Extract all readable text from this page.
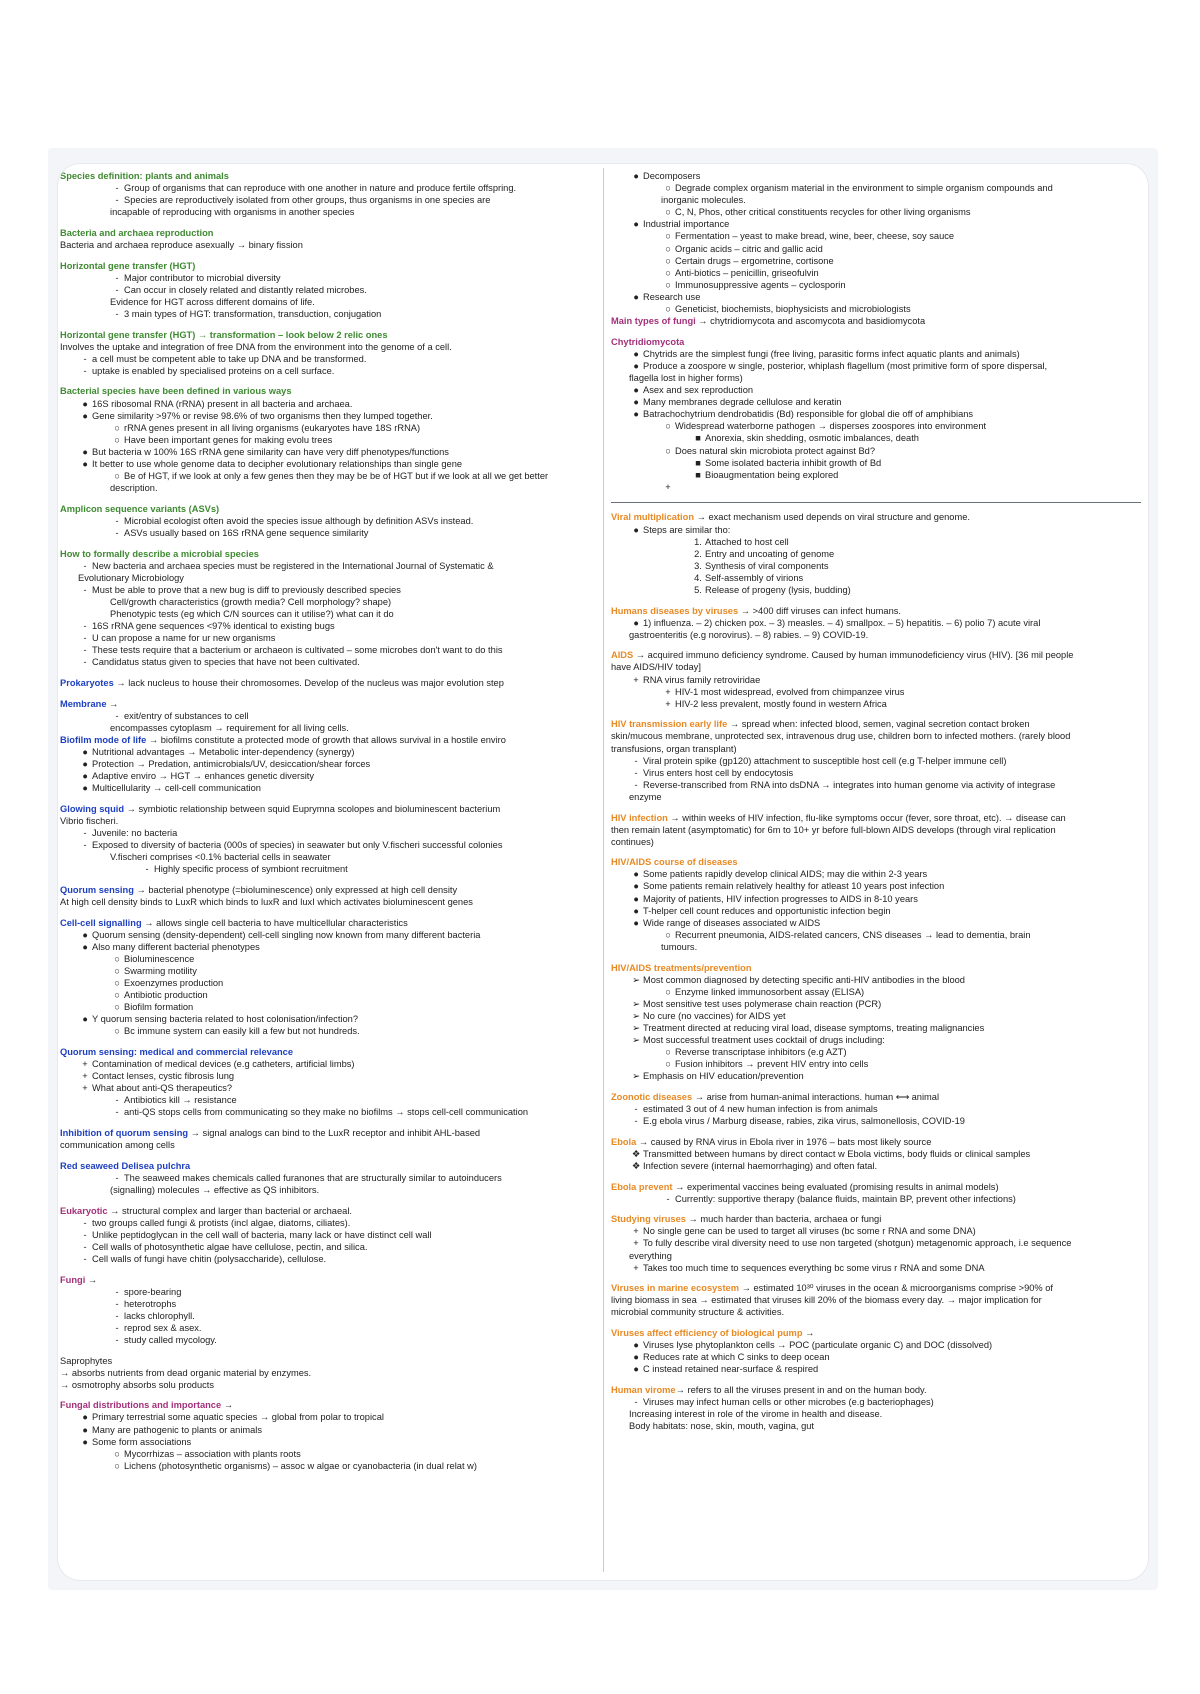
Species definition: plants and animals
- Group of organisms that can reproduce with one another in nature and produce fertile offspring.
- Species are reproductively isolated from other groups, thus organisms in one species are
incapable of reproducing with organisms in another species
Bacteria and archaea reproduction
Bacteria and archaea reproduce asexually → binary fission
Horizontal gene transfer (HGT)
- Major contributor to microbial diversity
- Can occur in closely related and distantly related microbes.
Evidence for HGT across different domains of life.
- 3 main types of HGT: transformation, transduction, conjugation
Horizontal gene transfer (HGT) → transformation – look below 2 relic ones
Involves the uptake and integration of free DNA from the environment into the genome of a cell.
- a cell must be competent able to take up DNA and be transformed.
- uptake is enabled by specialised proteins on a cell surface.
Bacterial species have been defined in various ways
● 16S ribosomal RNA (rRNA) present in all bacteria and archaea.
● Gene similarity >97% or revise 98.6% of two organisms then they lumped together.
○ rRNA genes present in all living organisms (eukaryotes have 18S rRNA)
○ Have been important genes for making evolu trees
● But bacteria w 100% 16S rRNA gene similarity can have very diff phenotypes/functions
● It better to use whole genome data to decipher evolutionary relationships than single gene
○ Be of HGT, if we look at only a few genes then they may be be of HGT but if we look at all we get better
description.
Amplicon sequence variants (ASVs)
- Microbial ecologist often avoid the species issue although by definition ASVs instead.
- ASVs usually based on 16S rRNA gene sequence similarity
How to formally describe a microbial species
- New bacteria and archaea species must be registered in the International Journal of Systematic &
Evolutionary Microbiology
- Must be able to prove that a new bug is diff to previously described species
Cell/growth characteristics (growth media? Cell morphology? shape)
Phenotypic tests (eg which C/N sources can it utilise?) what can it do
- 16S rRNA gene sequences <97% identical to existing bugs
- U can propose a name for ur new organisms
- These tests require that a bacterium or archaeon is cultivated – some microbes don't want to do this
- Candidatus status given to species that have not been cultivated.
Prokaryotes → lack nucleus to house their chromosomes. Develop of the nucleus was major evolution step
Membrane →
- exit/entry of substances to cell
encompasses cytoplasm → requirement for all living cells.
Biofilm mode of life → biofilms constitute a protected mode of growth that allows survival in a hostile enviro
● Nutritional advantages → Metabolic inter-dependency (synergy)
● Protection → Predation, antimicrobials/UV, desiccation/shear forces
● Adaptive enviro → HGT → enhances genetic diversity
● Multicellularity → cell-cell communication
Glowing squid → symbiotic relationship between squid Euprymna scolopes and bioluminescent bacterium
Vibrio fischeri.
- Juvenile: no bacteria
- Exposed to diversity of bacteria (000s of species) in seawater but only V.fischeri successful colonies
V.fischeri comprises <0.1% bacterial cells in seawater
- Highly specific process of symbiont recruitment
Quorum sensing → bacterial phenotype (=bioluminescence) only expressed at high cell density
At high cell density binds to LuxR which binds to luxR and luxI which activates bioluminescent genes
Cell-cell signalling → allows single cell bacteria to have multicellular characteristics
● Quorum sensing (density-dependent) cell-cell singling now known from many different bacteria
● Also many different bacterial phenotypes
○ Bioluminescence
○ Swarming motility
○ Exoenzymes production
○ Antibiotic production
○ Biofilm formation
● Y quorum sensing bacteria related to host colonisation/infection?
○ Bc immune system can easily kill a few but not hundreds.
Quorum sensing: medical and commercial relevance
+ Contamination of medical devices (e.g catheters, artificial limbs)
+ Contact lenses, cystic fibrosis lung
+ What about anti-QS therapeutics?
- Antibiotics kill → resistance
- anti-QS stops cells from communicating so they make no biofilms → stops cell-cell communication
Inhibition of quorum sensing → signal analogs can bind to the LuxR receptor and inhibit AHL-based
communication among cells
Red seaweed Delisea pulchra
- The seaweed makes chemicals called furanones that are structurally similar to autoinducers
(signalling) molecules → effective as QS inhibitors.
Eukaryotic → structural complex and larger than bacterial or archaeal.
- two groups called fungi & protists (incl algae, diatoms, ciliates).
- Unlike peptidoglycan in the cell wall of bacteria, many lack or have distinct cell wall
- Cell walls of photosynthetic algae have cellulose, pectin, and silica.
- Cell walls of fungi have chitin (polysaccharide), cellulose.
Fungi →
- spore-bearing
- heterotrophs
- lacks chlorophyll.
- reprod sex & asex.
- study called mycology.
Saprophytes
→ absorbs nutrients from dead organic material by enzymes.
→ osmotrophy absorbs solu products
Fungal distributions and importance →
● Primary terrestrial some aquatic species → global from polar to tropical
● Many are pathogenic to plants or animals
● Some form associations
○ Mycorrhizas – association with plants roots
○ Lichens (photosynthetic organisms) – assoc w algae or cyanobacteria (in dual relat w)
● Decomposers
○ Degrade complex organism material in the environment to simple organism compounds and
inorganic molecules.
○ C, N, Phos, other critical constituents recycles for other living organisms
● Industrial importance
○ Fermentation – yeast to make bread, wine, beer, cheese, soy sauce
○ Organic acids – citric and gallic acid
○ Certain drugs – ergometrine, cortisone
○ Anti-biotics – penicillin, griseofulvin
○ Immunosuppressive agents – cyclosporin
● Research use
○ Geneticist, biochemists, biophysicists and microbiologists
Main types of fungi → chytridiomycota and ascomycota and basidiomycota
Chytridiomycota
● Chytrids are the simplest fungi (free living, parasitic forms infect aquatic plants and animals)
● Produce a zoospore w single, posterior, whiplash flagellum (most primitive form of spore dispersal,
flagella lost in higher forms)
● Asex and sex reproduction
● Many membranes degrade cellulose and keratin
● Batrachochytrium dendrobatidis (Bd) responsible for global die off of amphibians
○ Widespread waterborne pathogen → disperses zoospores into environment
■ Anorexia, skin shedding, osmotic imbalances, death
○ Does natural skin microbiota protect against Bd?
■ Some isolated bacteria inhibit growth of Bd
■ Bioaugmentation being explored
+
Viral multiplication → exact mechanism used depends on viral structure and genome.
● Steps are similar tho:
1. Attached to host cell
2. Entry and uncoating of genome
3. Synthesis of viral components
4. Self-assembly of virions
5. Release of progeny (lysis, budding)
Humans diseases by viruses → >400 diff viruses can infect humans.
● 1) influenza. – 2) chicken pox. – 3) measles. – 4) smallpox. – 5) hepatitis. – 6) polio 7) acute viral
gastroenteritis (e.g norovirus). – 8) rabies. – 9) COVID-19.
AIDS → acquired immuno deficiency syndrome. Caused by human immunodeficiency virus (HIV). [36 mil people
have AIDS/HIV today]
+ RNA virus family retroviridae
+ HIV-1 most widespread, evolved from chimpanzee virus
+ HIV-2 less prevalent, mostly found in western Africa
HIV transmission early life → spread when: infected blood, semen, vaginal secretion contact broken
skin/mucous membrane, unprotected sex, intravenous drug use, children born to infected mothers. (rarely blood
transfusions, organ transplant)
- Viral protein spike (gp120) attachment to susceptible host cell (e.g T-helper immune cell)
- Virus enters host cell by endocytosis
- Reverse-transcribed from RNA into dsDNA → integrates into human genome via activity of integrase
enzyme
HIV infection → within weeks of HIV infection, flu-like symptoms occur (fever, sore throat, etc). → disease can
then remain latent (asymptomatic) for 6m to 10+ yr before full-blown AIDS develops (through viral replication
continues)
HIV/AIDS course of diseases
● Some patients rapidly develop clinical AIDS; may die within 2-3 years
● Some patients remain relatively healthy for atleast 10 years post infection
● Majority of patients, HIV infection progresses to AIDS in 8-10 years
● T-helper cell count reduces and opportunistic infection begin
● Wide range of diseases associated w AIDS
○ Recurrent pneumonia, AIDS-related cancers, CNS diseases → lead to dementia, brain
tumours.
HIV/AIDS treatments/prevention
➢ Most common diagnosed by detecting specific anti-HIV antibodies in the blood
○ Enzyme linked immunosorbent assay (ELISA)
➢ Most sensitive test uses polymerase chain reaction (PCR)
➢ No cure (no vaccines) for AIDS yet
➢ Treatment directed at reducing viral load, disease symptoms, treating malignancies
➢ Most successful treatment uses cocktail of drugs including:
○ Reverse transcriptase inhibitors (e.g AZT)
○ Fusion inhibitors → prevent HIV entry into cells
➢ Emphasis on HIV education/prevention
Zoonotic diseases → arise from human-animal interactions. human ⟷ animal
- estimated 3 out of 4 new human infection is from animals
- E.g ebola virus / Marburg disease, rabies, zika virus, salmonellosis, COVID-19
Ebola → caused by RNA virus in Ebola river in 1976 – bats most likely source
❖ Transmitted between humans by direct contact w Ebola victims, body fluids or clinical samples
❖ Infection severe (internal haemorrhaging) and often fatal.
Ebola prevent → experimental vaccines being evaluated (promising results in animal models)
- Currently: supportive therapy (balance fluids, maintain BP, prevent other infections)
Studying viruses → much harder than bacteria, archaea or fungi
+ No single gene can be used to target all viruses (bc some r RNA and some DNA)
+ To fully describe viral diversity need to use non targeted (shotgun) metagenomic approach, i.e sequence
everything
+ Takes too much time to sequences everything bc some virus r RNA and some DNA
Viruses in marine ecosystem → estimated 10³⁰ viruses in the ocean & microorganisms comprise >90% of
living biomass in sea → estimated that viruses kill 20% of the biomass every day. → major implication for
microbial community structure & activities.
Viruses affect efficiency of biological pump →
● Viruses lyse phytoplankton cells → POC (particulate organic C) and DOC (dissolved)
● Reduces rate at which C sinks to deep ocean
● C instead retained near-surface & respired
Human virome→ refers to all the viruses present in and on the human body.
- Viruses may infect human cells or other microbes (e.g bacteriophages)
Increasing interest in role of the virome in health and disease.
Body habitats: nose, skin, mouth, vagina, gut
